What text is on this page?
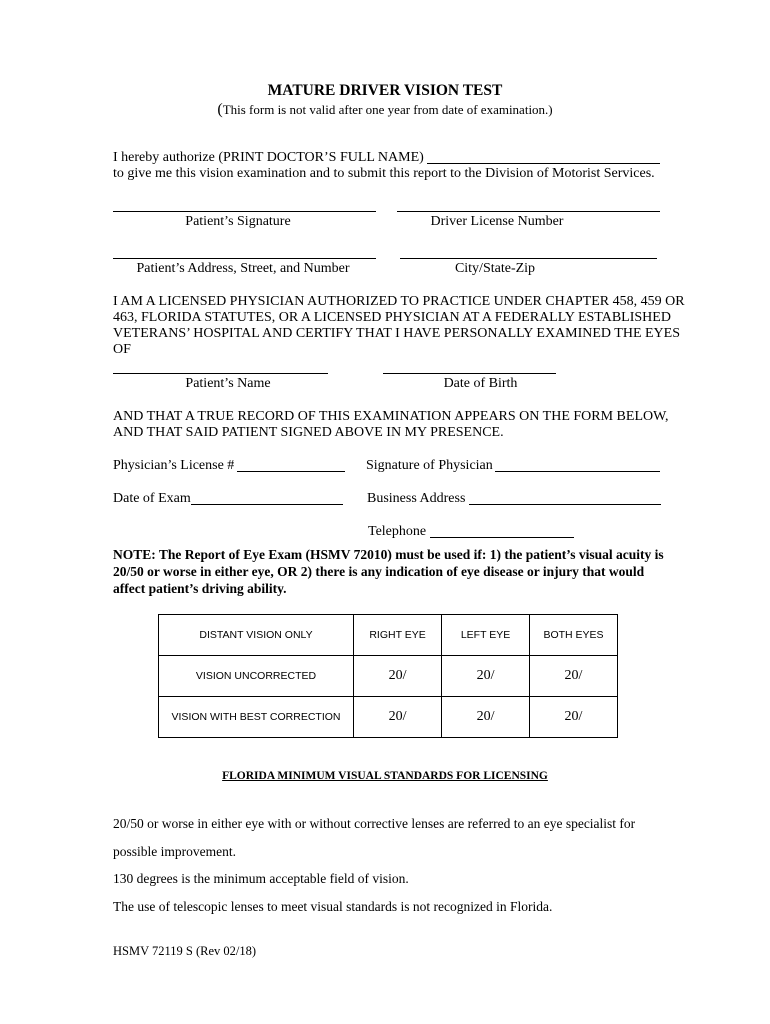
MATURE DRIVER VISION TEST
(This form is not valid after one year from date of examination.)
I hereby authorize (PRINT DOCTOR’S FULL NAME)
to give me this vision examination and to submit this report to the Division of Motorist Services.
Patient’s Signature	Driver License Number
Patient’s Address, Street, and Number	City/State-Zip
I AM A LICENSED PHYSICIAN AUTHORIZED TO PRACTICE UNDER CHAPTER 458, 459 OR
463, FLORIDA STATUTES, OR A LICENSED PHYSICIAN AT A FEDERALLY ESTABLISHED
VETERANS’ HOSPITAL AND CERTIFY THAT I HAVE PERSONALLY EXAMINED THE EYES
OF
Patient’s Name	Date of Birth
AND THAT A TRUE RECORD OF THIS EXAMINATION APPEARS ON THE FORM BELOW,
AND THAT SAID PATIENT SIGNED ABOVE IN MY PRESENCE.
Physician’s License #	Signature of Physician
Date of Exam	Business Address
Telephone
NOTE: The Report of Eye Exam (HSMV 72010) must be used if: 1) the patient’s visual acuity is
20/50 or worse in either eye, OR 2) there is any indication of eye disease or injury that would
affect patient’s driving ability.
DISTANT VISION ONLY	RIGHT EYE	LEFT EYE	BOTH EYES
VISION UNCORRECTED	20/	20/	20/
VISION WITH BEST CORRECTION	20/	20/	20/
FLORIDA MINIMUM VISUAL STANDARDS FOR LICENSING
20/50 or worse in either eye with or without corrective lenses are referred to an eye specialist for
possible improvement.
130 degrees is the minimum acceptable field of vision.
The use of telescopic lenses to meet visual standards is not recognized in Florida.
HSMV 72119 S (Rev 02/18)
